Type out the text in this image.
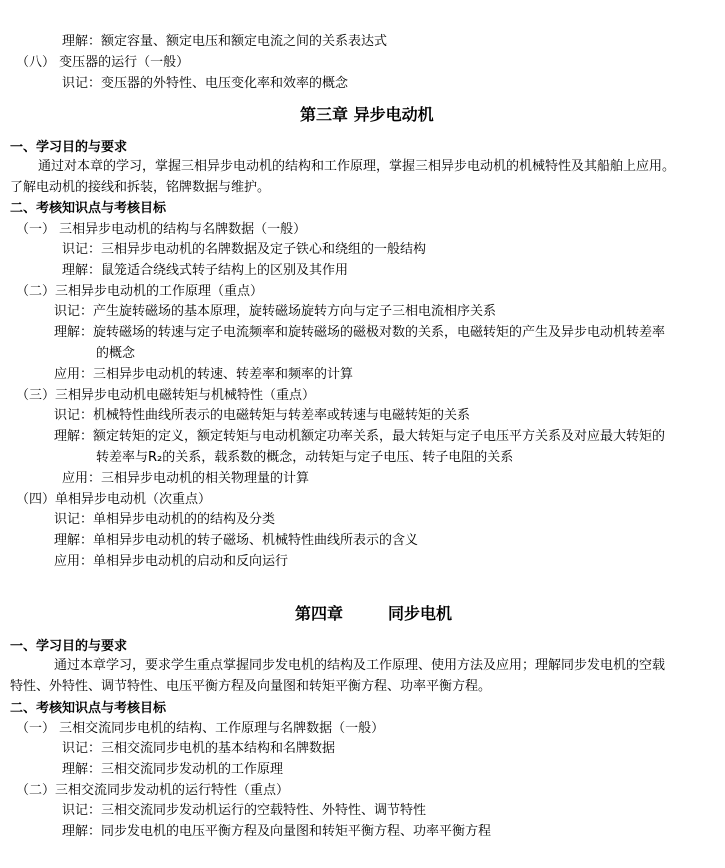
理解：额定容量、额定电压和额定电流之间的关系表达式
（八） 变压器的运行（一般）
识记：变压器的外特性、电压变化率和效率的概念
第三章 异步电动机
一、学习目的与要求
通过对本章的学习，掌握三相异步电动机的结构和工作原理，掌握三相异步电动机的机械特性及其船舶上应用。
了解电动机的接线和拆装，铭牌数据与维护。
二、考核知识点与考核目标
（一） 三相异步电动机的结构与名牌数据（一般）
识记：三相异步电动机的名牌数据及定子铁心和绕组的一般结构
理解：鼠笼适合绕线式转子结构上的区别及其作用
（二）三相异步电动机的工作原理（重点）
识记：产生旋转磁场的基本原理，旋转磁场旋转方向与定子三相电流相序关系
理解：旋转磁场的转速与定子电流频率和旋转磁场的磁极对数的关系，电磁转矩的产生及异步电动机转差率
的概念
应用：三相异步电动机的转速、转差率和频率的计算
（三）三相异步电动机电磁转矩与机械特性（重点）
识记：机械特性曲线所表示的电磁转矩与转差率或转速与电磁转矩的关系
理解：额定转矩的定义，额定转矩与电动机额定功率关系，最大转矩与定子电压平方关系及对应最大转矩的
转差率与R₂的关系，载系数的概念，动转矩与定子电压、转子电阻的关系
应用：三相异步电动机的相关物理量的计算
（四）单相异步电动机（次重点）
识记：单相异步电动机的的结构及分类
理解：单相异步电动机的转子磁场、机械特性曲线所表示的含义
应用：单相异步电动机的启动和反向运行
第四章	同步电机
一、学习目的与要求
通过本章学习，要求学生重点掌握同步发电机的结构及工作原理、使用方法及应用；理解同步发电机的空载
特性、外特性、调节特性、电压平衡方程及向量图和转矩平衡方程、功率平衡方程。
二、考核知识点与考核目标
（一） 三相交流同步电机的结构、工作原理与名牌数据（一般）
识记：三相交流同步电机的基本结构和名牌数据
理解：三相交流同步发动机的工作原理
（二）三相交流同步发动机的运行特性（重点）
识记：三相交流同步发动机运行的空载特性、外特性、调节特性
理解：同步发电机的电压平衡方程及向量图和转矩平衡方程、功率平衡方程
